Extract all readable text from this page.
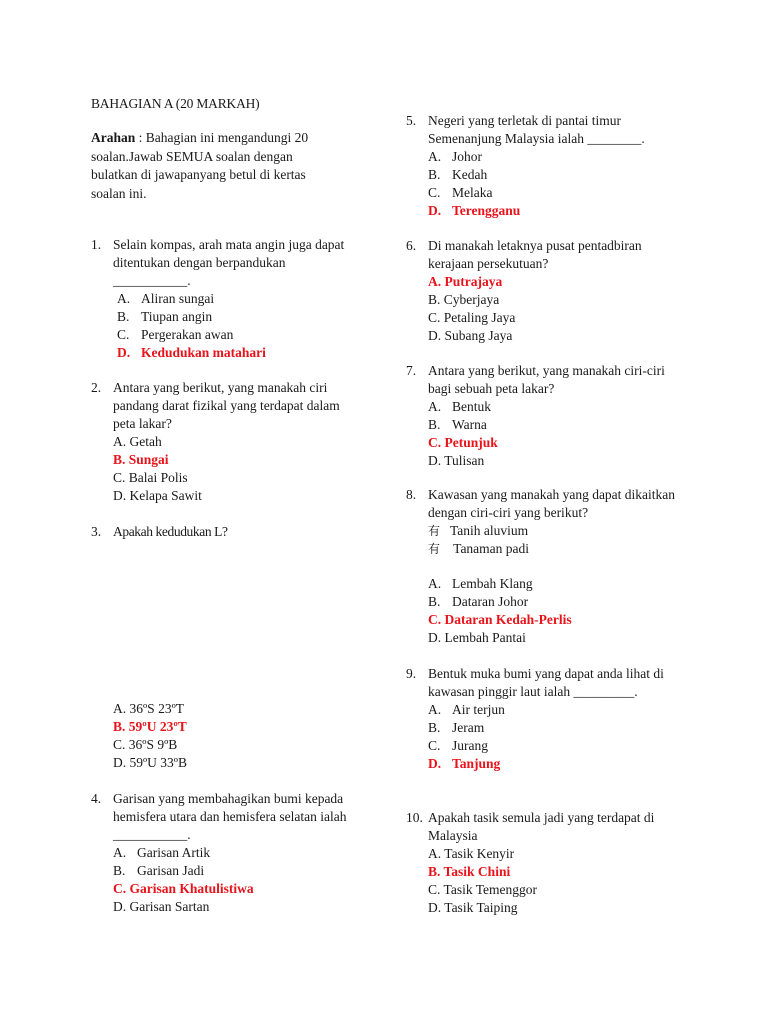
BAHAGIAN A (20 MARKAH)

Arahan : Bahagian ini mengandungi 20 soalan.Jawab SEMUA soalan dengan bulatkan di jawapanyang betul di kertas soalan ini.

1. Selain kompas, arah mata angin juga dapat ditentukan dengan berpandukan ___________.
A. Aliran sungai
B. Tiupan angin
C. Pergerakan awan
D. Kedudukan matahari
2. Antara yang berikut, yang manakah ciri pandang darat fizikal yang terdapat dalam peta lakar?
A. Getah
B. Sungai
C. Balai Polis
D. Kelapa Sawit
3. Apakah kedudukan L?
A. 36ºS 23ºT
B. 59ºU 23ºT
C. 36ºS 9ºB
D. 59ºU 33ºB
4. Garisan yang membahagikan bumi kepada hemisfera utara dan hemisfera selatan ialah ___________.
A. Garisan Artik
B. Garisan Jadi
C. Garisan Khatulistiwa
D. Garisan Sartan
5. Negeri yang terletak di pantai timur Semenanjung Malaysia ialah ________.
A. Johor
B. Kedah
C. Melaka
D. Terengganu
6. Di manakah letaknya pusat pentadbiran kerajaan persekutuan?
A. Putrajaya
B. Cyberjaya
C. Petaling Jaya
D. Subang Jaya
7. Antara yang berikut, yang manakah ciri-ciri bagi sebuah peta lakar?
A. Bentuk
B. Warna
C. Petunjuk
D. Tulisan
8. Kawasan yang manakah yang dapat dikaitkan dengan ciri-ciri yang berikut?
有 Tanih aluvium
有 Tanaman padi
A. Lembah Klang
B. Dataran Johor
C. Dataran Kedah-Perlis
D. Lembah Pantai
9. Bentuk muka bumi yang dapat anda lihat di kawasan pinggir laut ialah _________.
A. Air terjun
B. Jeram
C. Jurang
D. Tanjung
10. Apakah tasik semula jadi yang terdapat di Malaysia
A. Tasik Kenyir
B. Tasik Chini
C. Tasik Temenggor
D. Tasik Taiping
